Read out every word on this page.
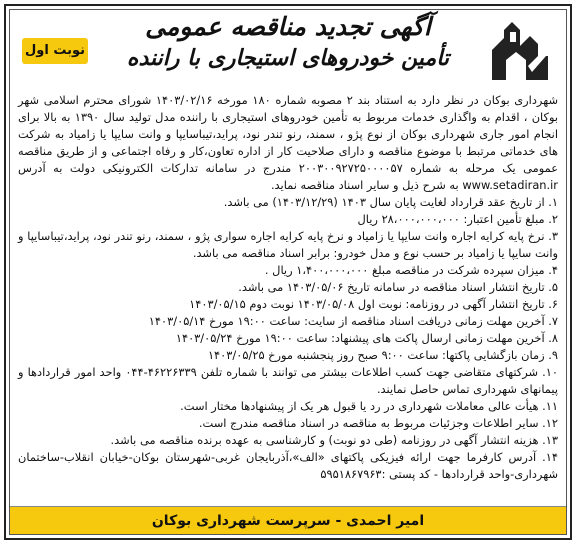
آگهی تجدید مناقصه عمومی
تأمین خودروهای استیجاری با راننده
نوبت اول

شهرداری بوکان در نظر دارد به استناد بند ۲ مصوبه شماره ۱۸۰ مورخه ۱۴۰۳/۰۲/۱۶ شورای محترم اسلامی شهر بوکان ، اقدام به واگذاری خدمات مربوط به تأمین خودروهای استیجاری با راننده مدل تولید سال ۱۳۹۰ به بالا برای انجام امور جاری شهرداری بوکان از نوع پژو ، سمند، رنو تندر نود، پراید،تیباسایپا و وانت سایپا یا زامیاد به شرکت های خدماتی مرتبط با موضوع مناقصه و دارای صلاحیت کار از اداره تعاون،کار و رفاه اجتماعی و از طریق مناقصه عمومی یک مرحله به شماره ۲۰۰۳۰۰۹۲۷۲۵۰۰۰۰۵۷ مندرج در سامانه تدارکات الکترونیکی دولت به آدرس www.setadiran.ir به شرح ذیل و سایر اسناد مناقصه نماید.

۱. از تاریخ عقد قرارداد لغایت پایان سال ۱۴۰۳ (۱۴۰۳/۱۲/۲۹) می باشد.

۲. مبلغ تأمین اعتبار: ۲۸،۰۰۰،۰۰۰،۰۰۰ ریال

۳. نرخ پایه کرایه اجاره وانت سایپا یا زامیاد و نرخ پایه کرایه اجاره سواری پژو ، سمند، رنو تندر نود، پراید،تیباسایپا و وانت سایپا یا زامیاد بر حسب نوع و مدل خودرو: برابر اسناد مناقصه می باشد.

۴. میزان سپرده شرکت در مناقصه مبلغ ۱،۴۰۰،۰۰۰،۰۰۰ ریال .

۵. تاریخ انتشار اسناد مناقصه در سامانه تاریخ ۱۴۰۳/۰۵/۰۶ می باشد.

۶. تاریخ انتشار آگهی در روزنامه: نوبت اول ۱۴۰۳/۰۵/۰۸ نوبت دوم ۱۴۰۳/۰۵/۱۵

۷. آخرین مهلت زمانی دریافت اسناد مناقصه از سایت: ساعت ۱۹:۰۰ مورخ ۱۴۰۳/۰۵/۱۴

۸. آخرین مهلت زمانی ارسال پاکت های پیشنهاد: ساعت ۱۹:۰۰ مورخ ۱۴۰۳/۰۵/۲۴

۹. زمان بازگشایی پاکتها: ساعت ۹:۰۰ صبح روز پنجشنبه مورخ ۱۴۰۳/۰۵/۲۵

۱۰. شرکتهای متقاضی جهت کسب اطلاعات بیشتر می توانند با شماره تلفن ۴۶۲۲۶۳۳۹-۰۴۴ واحد امور قراردادها و پیمانهای شهرداری تماس حاصل نمایند.

۱۱. هیأت عالی معاملات شهرداری در رد یا قبول هر یک از پیشنهادها مختار است.

۱۲. سایر اطلاعات وجزئیات مربوط به مناقصه در اسناد مناقصه مندرج است.

۱۳. هزینه انتشار آگهی در روزنامه (طی دو نوبت) و کارشناسی به عهده برنده مناقصه می باشد.

۱۴. آدرس کارفرما جهت ارائه فیزیکی پاکتهای «الف»،آذربایجان غربی-شهرستان بوکان-خیابان انقلاب-ساختمان شهرداری-واحد قراردادها - کد پستی :۵۹۵۱۸۶۷۹۶۳

امیر احمدی - سرپرست شهرداری بوکان
